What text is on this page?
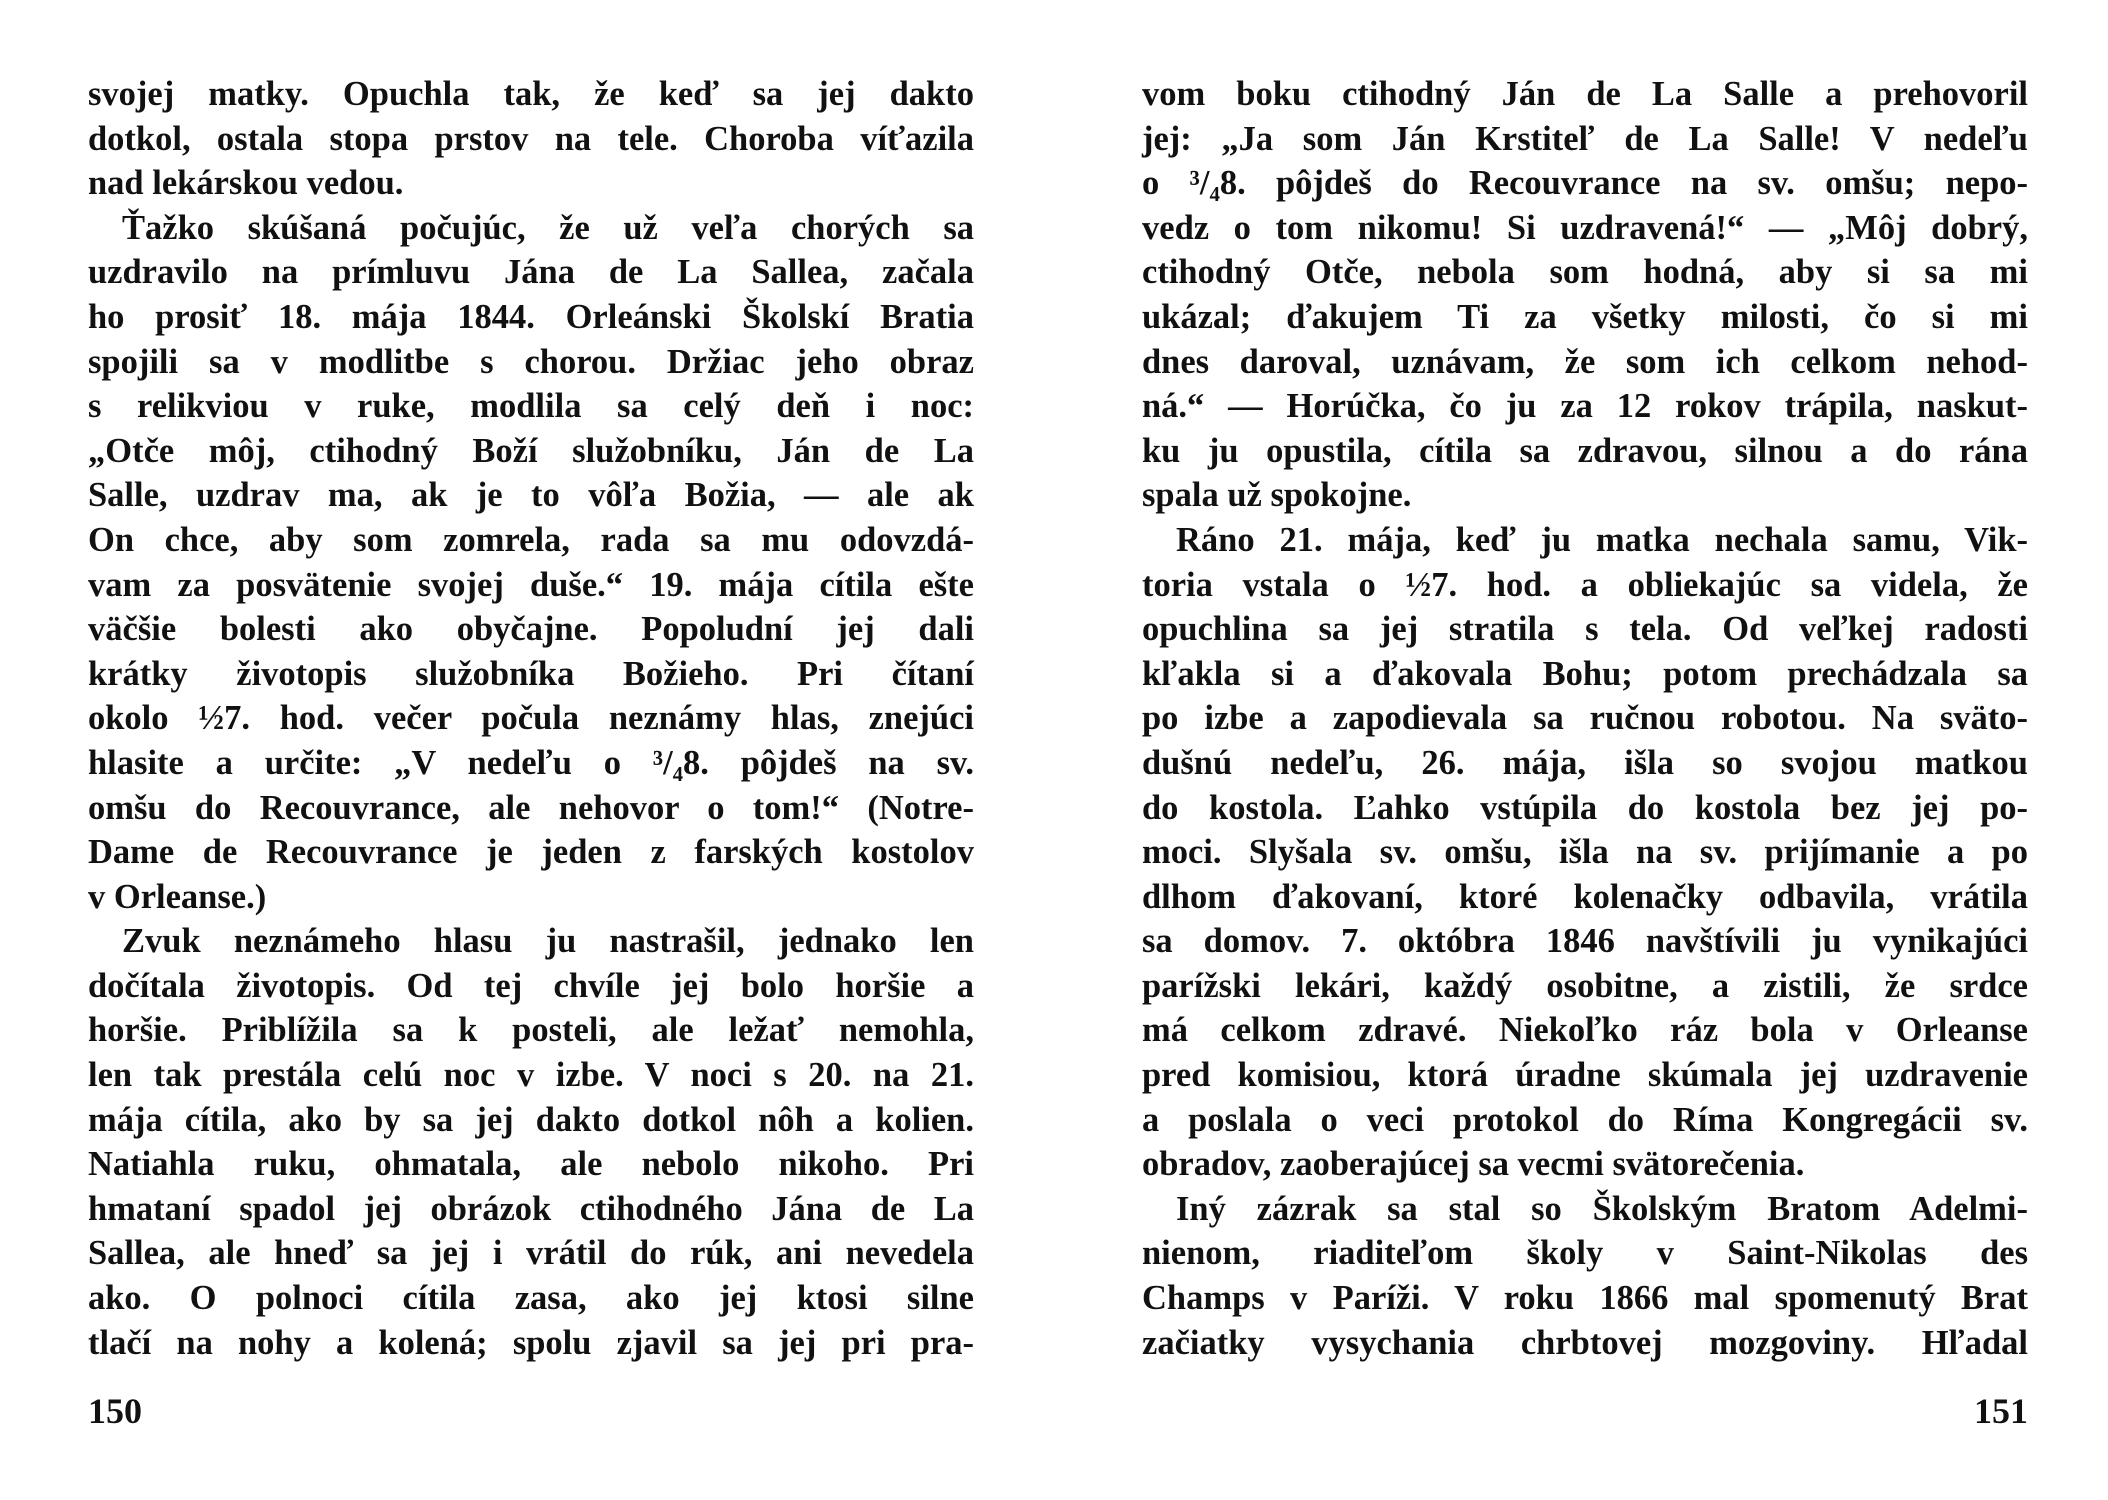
svojej matky. Opuchla tak, že keď sa jej dakto
dotkol, ostala stopa prstov na tele. Choroba víťazila
nad lekárskou vedou.
Ťažko skúšaná počujúc, že už veľa chorých sa
uzdravilo na prímluvu Jána de La Sallea, začala
ho prosiť 18. mája 1844. Orleánski Školskí Bratia
spojili sa v modlitbe s chorou. Držiac jeho obraz
s relikviou v ruke, modlila sa celý deň i noc:
„Otče môj, ctihodný Boží služobníku, Ján de La
Salle, uzdrav ma, ak je to vôľa Božia, — ale ak
On chce, aby som zomrela, rada sa mu odovzdá-
vam za posvätenie svojej duše.“ 19. mája cítila ešte
väčšie bolesti ako obyčajne. Popoludní jej dali
krátky životopis služobníka Božieho. Pri čítaní
okolo ½7. hod. večer počula neznámy hlas, znejúci
hlasite a určite: „V nedeľu o ³/₄8. pôjdeš na sv.
omšu do Recouvrance, ale nehovor o tom!“ (Notre-
Dame de Recouvrance je jeden z farských kostolov
v Orleanse.)
Zvuk neznámeho hlasu ju nastrašil, jednako len
dočítala životopis. Od tej chvíle jej bolo horšie a
horšie. Priblížila sa k posteli, ale ležať nemohla,
len tak prestála celú noc v izbe. V noci s 20. na 21.
mája cítila, ako by sa jej dakto dotkol nôh a kolien.
Natiahla ruku, ohmatala, ale nebolo nikoho. Pri
hmataní spadol jej obrázok ctihodného Jána de La
Sallea, ale hneď sa jej i vrátil do rúk, ani nevedela
ako. O polnoci cítila zasa, ako jej ktosi silne
tlačí na nohy a kolená; spolu zjavil sa jej pri pra-
150
vom boku ctihodný Ján de La Salle a prehovoril
jej: „Ja som Ján Krstiteľ de La Salle! V nedeľu
o ³/₄8. pôjdeš do Recouvrance na sv. omšu; nepo-
vedz o tom nikomu! Si uzdravená!“ — „Môj dobrý,
ctihodný Otče, nebola som hodná, aby si sa mi
ukázal; ďakujem Ti za všetky milosti, čo si mi
dnes daroval, uznávam, že som ich celkom nehod-
ná.“ — Horúčka, čo ju za 12 rokov trápila, naskut-
ku ju opustila, cítila sa zdravou, silnou a do rána
spala už spokojne.
Ráno 21. mája, keď ju matka nechala samu, Vik-
toria vstala o ½7. hod. a obliekajúc sa videla, že
opuchlina sa jej stratila s tela. Od veľkej radosti
kľakla si a ďakovala Bohu; potom prechádzala sa
po izbe a zapodievala sa ručnou robotou. Na sväto-
dušnú nedeľu, 26. mája, išla so svojou matkou
do kostola. Ľahko vstúpila do kostola bez jej po-
moci. Slyšala sv. omšu, išla na sv. prijímanie a po
dlhom ďakovaní, ktoré kolenačky odbavila, vrátila
sa domov. 7. októbra 1846 navštívili ju vynikajúci
parížski lekári, každý osobitne, a zistili, že srdce
má celkom zdravé. Niekoľko ráz bola v Orleanse
pred komisiou, ktorá úradne skúmala jej uzdravenie
a poslala o veci protokol do Ríma Kongregácii sv.
obradov, zaoberajúcej sa vecmi svätorečenia.
Iný zázrak sa stal so Školským Bratom Adelmi-
nienom, riaditeľom školy v Saint-Nikolas des
Champs v Paríži. V roku 1866 mal spomenutý Brat
začiatky vysychania chrbtovej mozgoviny. Hľadal
151
